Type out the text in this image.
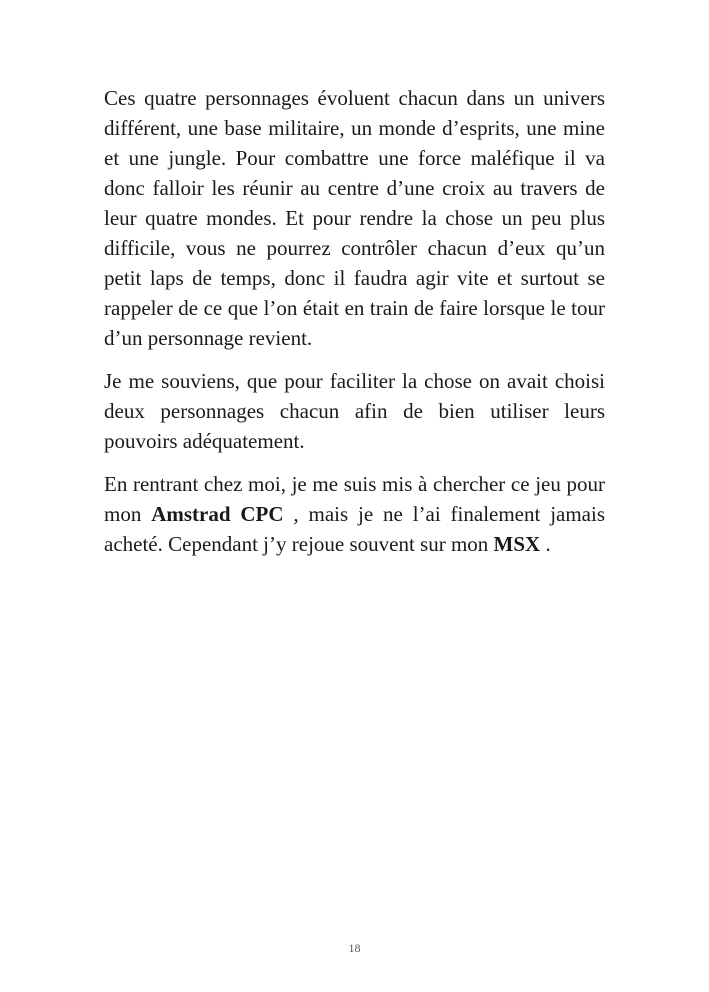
Ces quatre personnages évoluent chacun dans un univers différent, une base militaire, un monde d’esprits, une mine et une jungle. Pour combattre une force maléfique il va donc falloir les réunir au centre d’une croix au travers de leur quatre mondes. Et pour rendre la chose un peu plus difficile, vous ne pourrez contrôler chacun d’eux qu’un petit laps de temps, donc il faudra agir vite et surtout se rappeler de ce que l’on était en train de faire lorsque le tour d’un personnage revient.

Je me souviens, que pour faciliter la chose on avait choisi deux personnages chacun afin de bien utiliser leurs pouvoirs adéquatement.

En rentrant chez moi, je me suis mis à chercher ce jeu pour mon Amstrad CPC , mais je ne l’ai finalement jamais acheté. Cependant j’y rejoue souvent sur mon MSX .

18
